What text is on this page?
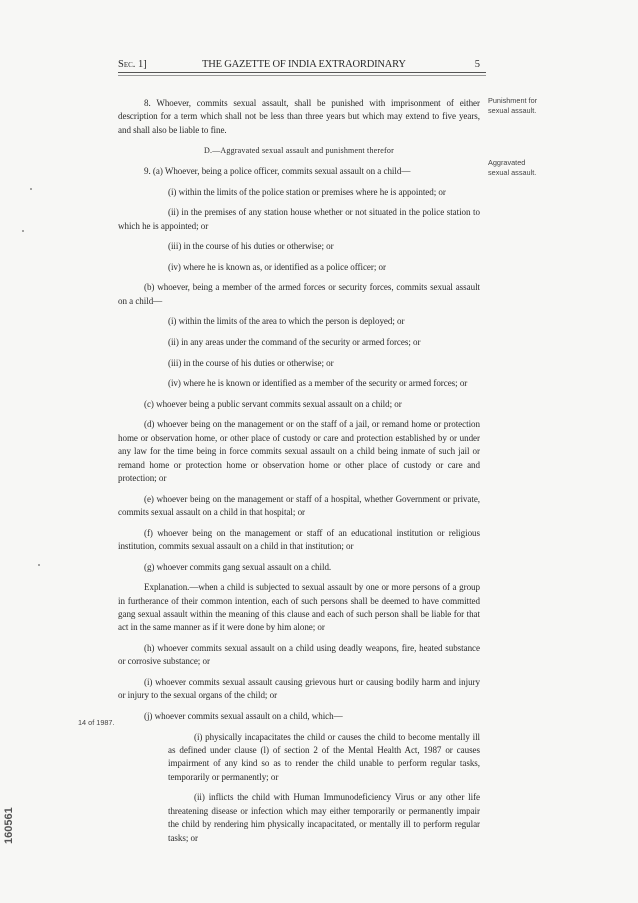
Sec. 1]	THE GAZETTE OF INDIA EXTRAORDINARY	5
Punishment for
sexual assault.
Aggravated
sexual assault.
14 of 1987.
160561

8. Whoever, commits sexual assault, shall be punished with imprisonment of either description for a term which shall not be less than three years but which may extend to five years, and shall also be liable to fine.

D.—Aggravated sexual assault and punishment therefor

9. (a) Whoever, being a police officer, commits sexual assault on a child—

(i) within the limits of the police station or premises where he is appointed; or

(ii) in the premises of any station house whether or not situated in the police station to which he is appointed; or

(iii) in the course of his duties or otherwise; or

(iv) where he is known as, or identified as a police officer; or

(b) whoever, being a member of the armed forces or security forces, commits sexual assault on a child—

(i) within the limits of the area to which the person is deployed; or

(ii) in any areas under the command of the security or armed forces; or

(iii) in the course of his duties or otherwise; or

(iv) where he is known or identified as a member of the security or armed forces; or

(c) whoever being a public servant commits sexual assault on a child; or

(d) whoever being on the management or on the staff of a jail, or remand home or protection home or observation home, or other place of custody or care and protection established by or under any law for the time being in force commits sexual assault on a child being inmate of such jail or remand home or protection home or observation home or other place of custody or care and protection; or

(e) whoever being on the management or staff of a hospital, whether Government or private, commits sexual assault on a child in that hospital; or

(f) whoever being on the management or staff of an educational institution or religious institution, commits sexual assault on a child in that institution; or

(g) whoever commits gang sexual assault on a child.

Explanation.—when a child is subjected to sexual assault by one or more persons of a group in furtherance of their common intention, each of such persons shall be deemed to have committed gang sexual assault within the meaning of this clause and each of such person shall be liable for that act in the same manner as if it were done by him alone; or

(h) whoever commits sexual assault on a child using deadly weapons, fire, heated substance or corrosive substance; or

(i) whoever commits sexual assault causing grievous hurt or causing bodily harm and injury or injury to the sexual organs of the child; or

(j) whoever commits sexual assault on a child, which—

(i) physically incapacitates the child or causes the child to become mentally ill as defined under clause (l) of section 2 of the Mental Health Act, 1987 or causes impairment of any kind so as to render the child unable to perform regular tasks, temporarily or permanently; or

(ii) inflicts the child with Human Immunodeficiency Virus or any other life threatening disease or infection which may either temporarily or permanently impair the child by rendering him physically incapacitated, or mentally ill to perform regular tasks; or
